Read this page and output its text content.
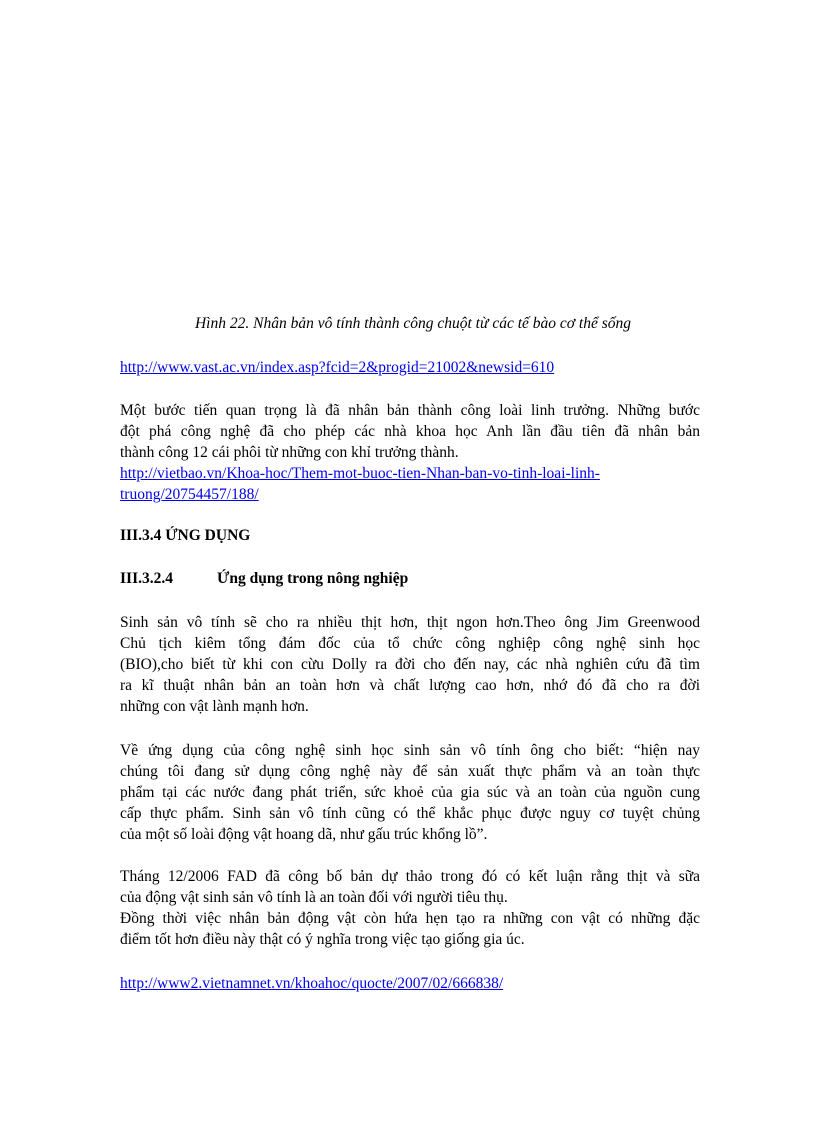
Hình 22. Nhân bản vô tính thành công chuột từ các tế bào cơ thể sống
http://www.vast.ac.vn/index.asp?fcid=2&progid=21002&newsid=610
Một bước tiến quan trọng là đã nhân bản thành công loài linh trưởng. Những bước
đột phá công nghệ đã cho phép các nhà khoa học Anh lần đầu tiên đã nhân bản
thành công 12 cái phôi từ những con khỉ trưởng thành.
http://vietbao.vn/Khoa-hoc/Them-mot-buoc-tien-Nhan-ban-vo-tinh-loai-linh-
truong/20754457/188/
III.3.4 ỨNG DỤNG
III.3.2.4	Ứng dụng trong nông nghiệp
Sinh sản vô tính sẽ cho ra nhiều thịt hơn, thịt ngon hơn.Theo ông Jim Greenwood
Chủ tịch kiêm tổng đám đốc của tổ chức công nghiệp công nghệ sinh học
(BIO),cho biết từ khi con cừu Dolly ra đời cho đến nay, các nhà nghiên cứu đã tìm
ra kĩ thuật nhân bản an toàn hơn và chất lượng cao hơn, nhớ đó đã cho ra đời
những con vật lành mạnh hơn.
Về ứng dụng của công nghệ sinh học sinh sản vô tính ông cho biết: “hiện nay
chúng tôi đang sử dụng công nghệ này để sản xuất thực phẩm và an toàn thực
phẩm tại các nước đang phát triển, sức khoẻ của gia súc và an toàn của nguồn cung
cấp thực phẩm. Sinh sản vô tính cũng có thể khắc phục được nguy cơ tuyệt chủng
của một số loài động vật hoang dã, như gấu trúc khổng lồ”.
Tháng 12/2006 FAD đã công bố bản dự thảo trong đó có kết luận rằng thịt và sữa
của động vật sinh sản vô tính là an toàn đối với người tiêu thụ.
Đồng thời việc nhân bản động vật còn hứa hẹn tạo ra những con vật có những đặc
điểm tốt hơn điều này thật có ý nghĩa trong việc tạo giống gia úc.
http://www2.vietnamnet.vn/khoahoc/quocte/2007/02/666838/
